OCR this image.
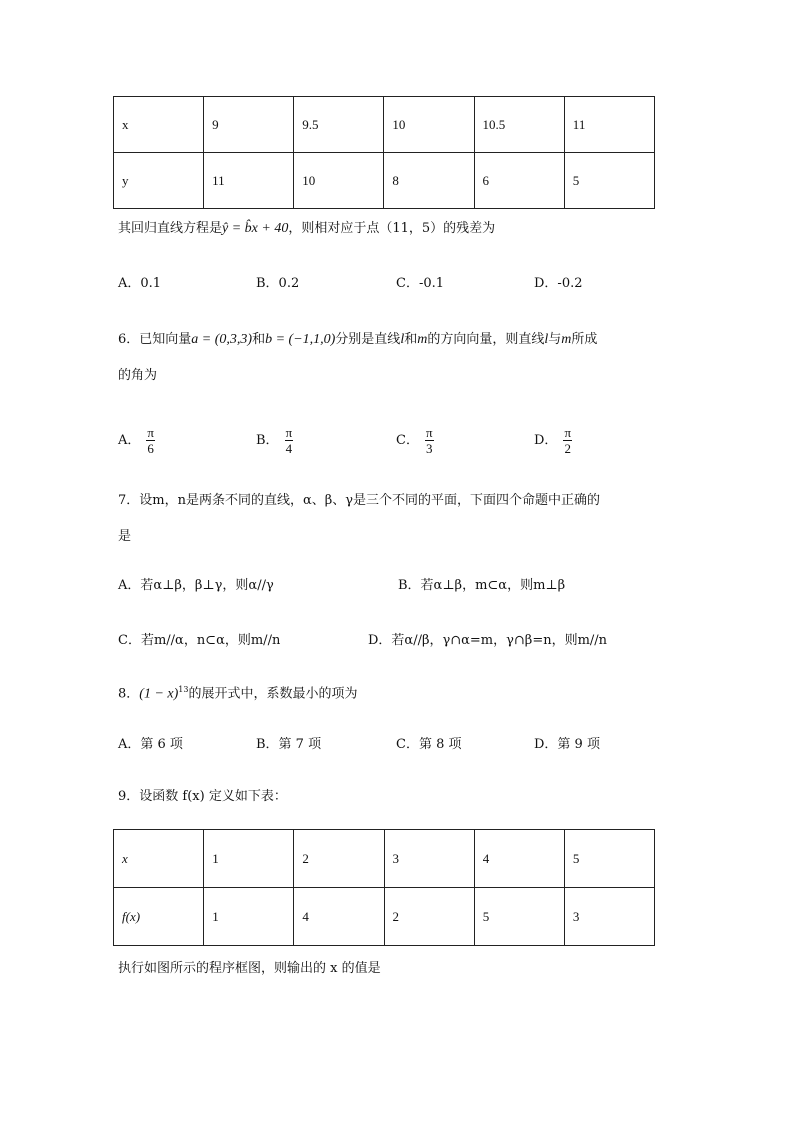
x	9	9.5	10	10.5	11
y	11	10	8	6	5
其回归直线方程是ŷ = b̂x + 40，则相对应于点（11，5）的残差为
A．0.1	B．0.2	C．-0.1	D．-0.2
6．已知向量a = (0,3,3)和b = (−1,1,0)分别是直线l和m的方向向量，则直线l与m所成
的角为
A． $\frac{\pi}{6}$	B． $\frac{\pi}{4}$	C． $\frac{\pi}{3}$	D． $\frac{\pi}{2}$
7．设m，n是两条不同的直线，α、β、γ是三个不同的平面，下面四个命题中正确的
是
A．若α⊥β，β⊥γ，则α//γ	B．若α⊥β，m⊂α，则m⊥β
C．若m//α，n⊂α，则m//n	D．若α//β，γ∩α=m，γ∩β=n，则m//n
8．$(1 - x)^{13}$的展开式中，系数最小的项为
A．第 6 项	B．第 7 项	C．第 8 项	D．第 9 项
9．设函数 f(x) 定义如下表：
x	1	2	3	4	5
f(x)	1	4	2	5	3
执行如图所示的程序框图，则输出的 x 的值是
